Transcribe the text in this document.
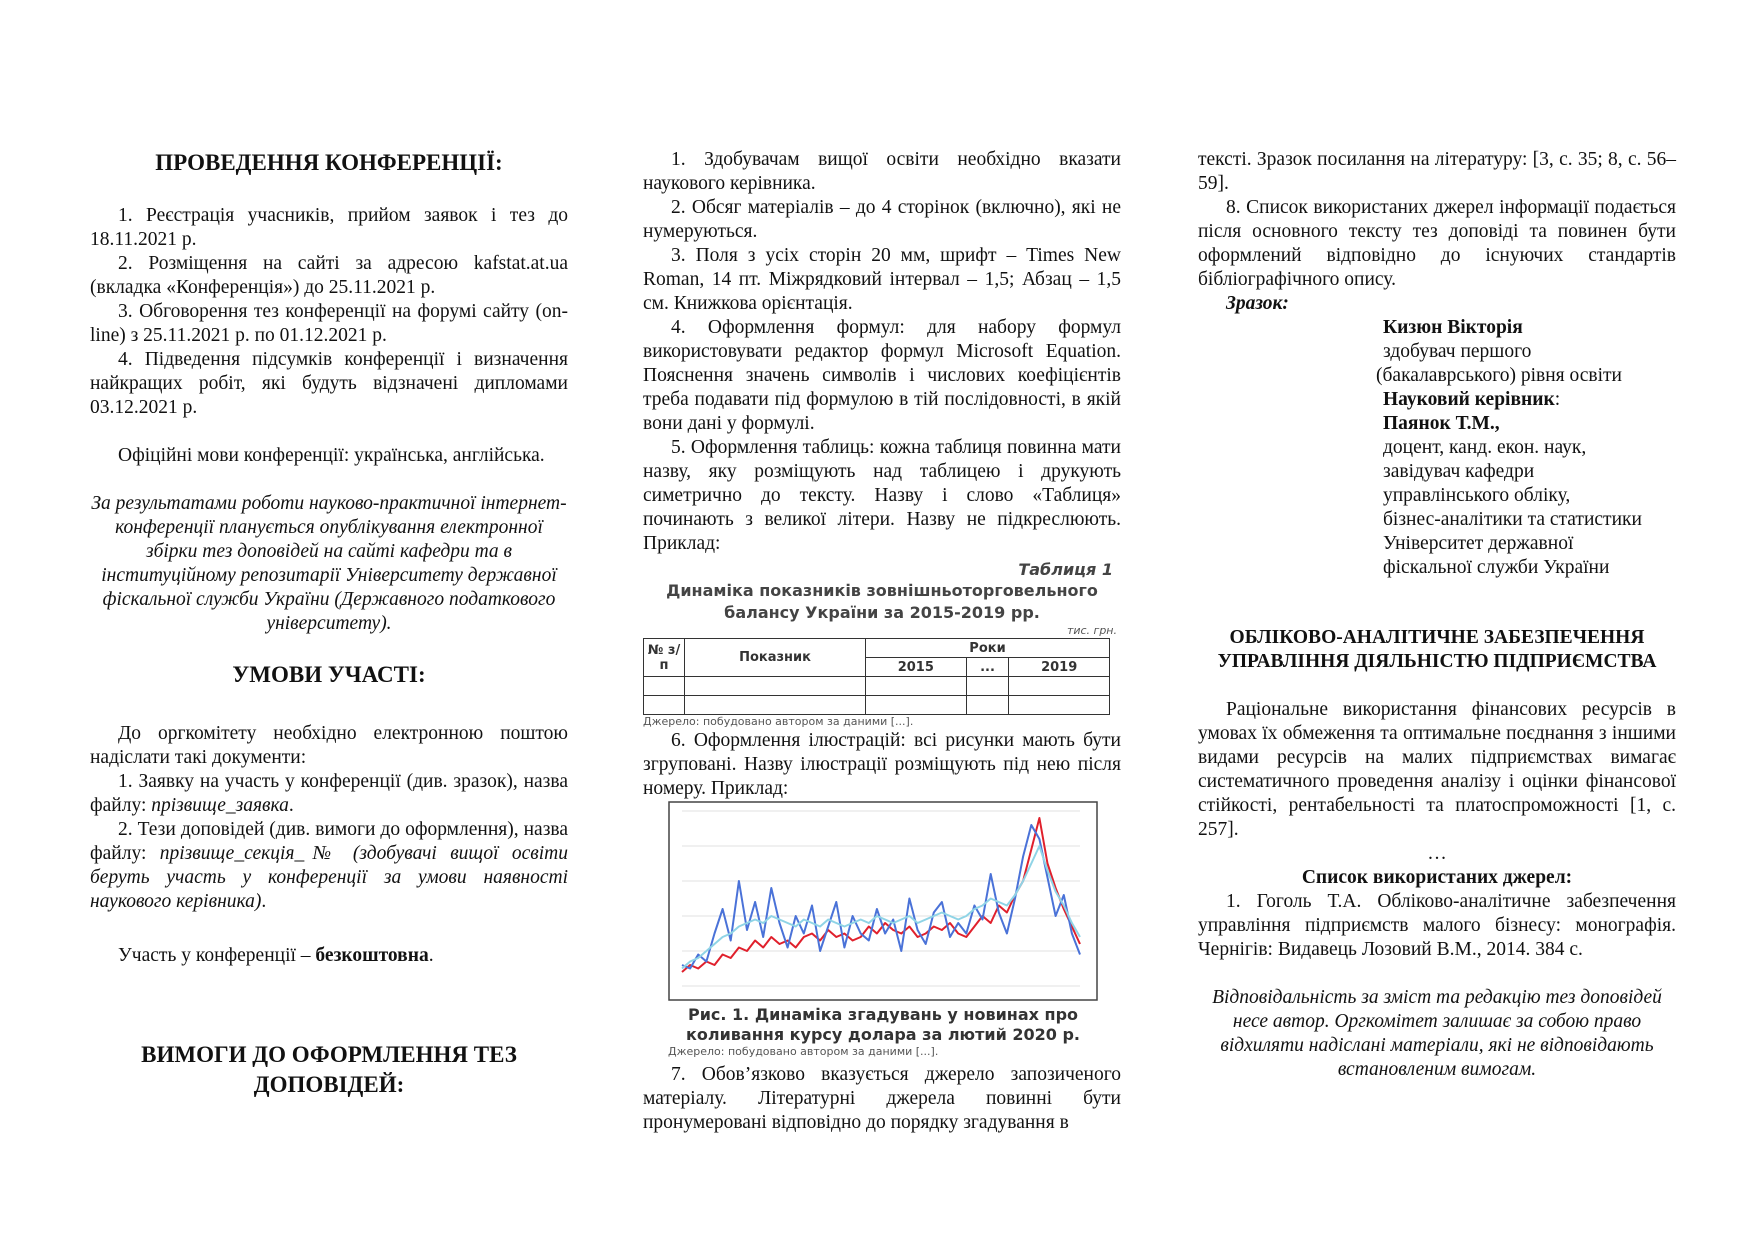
ПРОВЕДЕННЯ КОНФЕРЕНЦІЇ:

1. Реєстрація учасників, прийом заявок і тез до 18.11.2021 р.

2. Розміщення на сайті за адресою kafstat.at.ua (вкладка «Конференція») до 25.11.2021 р.

3. Обговорення тез конференції на форумі сайту (on-line) з 25.11.2021 р. по 01.12.2021 р.

4. Підведення підсумків конференції і визначення найкращих робіт, які будуть відзначені дипломами 03.12.2021 р.

Офіційні мови конференції: українська, англійська.

За результатами роботи науково-практичної інтернет-конференції планується опублікування електронної збірки тез доповідей на сайті кафедри та в інституційному репозитарії Університету державної фіскальної служби України (Державного податкового університету).

УМОВИ УЧАСТІ:

До оргкомітету необхідно електронною поштою надіслати такі документи:

1. Заявку на участь у конференції (див. зразок), назва файлу: прізвище_заявка.

2. Тези доповідей (див. вимоги до оформлення), назва файлу: прізвище_секція_№ (здобувачі вищої освіти беруть участь у конференції за умови наявності наукового керівника).

Участь у конференції – безкоштовна.

ВИМОГИ ДО ОФОРМЛЕННЯ ТЕЗ ДОПОВІДЕЙ:

1. Здобувачам вищої освіти необхідно вказати наукового керівника.

2. Обсяг матеріалів – до 4 сторінок (включно), які не нумеруються.

3. Поля з усіх сторін 20 мм, шрифт – Times New Roman, 14 пт. Міжрядковий інтервал – 1,5; Абзац – 1,5 см. Книжкова орієнтація.

4. Оформлення формул: для набору формул використовувати редактор формул Microsoft Equation. Пояснення значень символів і числових коефіцієнтів треба подавати під формулою в тій послідовності, в якій вони дані у формулі.

5. Оформлення таблиць: кожна таблиця повинна мати назву, яку розміщують над таблицею і друкують симетрично до тексту. Назву і слово «Таблиця» починають з великої літери. Назву не підкреслюють. Приклад:

Таблиця 1
Динаміка показників зовнішньоторговельного балансу України за 2015-2019 рр.
тис. грн.
№ з/п	Показник	Роки		
		2015	...	2019

Джерело: побудовано автором за даними [...].

6. Оформлення ілюстрацій: всі рисунки мають бути згруповані. Назву ілюстрації розміщують під нею після номеру. Приклад:

Рис. 1. Динаміка згадувань у новинах про коливання курсу долара за лютий 2020 р.
Джерело: побудовано автором за даними [...].

7. Обов’язково вказується джерело запозиченого матеріалу. Літературні джерела повинні бути пронумеровані відповідно до порядку згадування в

тексті. Зразок посилання на літературу: [3, с. 35; 8, с. 56–59].

8. Список використаних джерел інформації подається після основного тексту тез доповіді та повинен бути оформлений відповідно до існуючих стандартів бібліографічного опису.

Зразок:

Кизюн Вікторія
здобувач першого
(бакалаврського) рівня освіти
Науковий керівник:
Паянок Т.М.,
доцент, канд. екон. наук,
завідувач кафедри
управлінського обліку,
бізнес-аналітики та статистики
Університет державної
фіскальної служби України

ОБЛІКОВО-АНАЛІТИЧНЕ ЗАБЕЗПЕЧЕННЯ УПРАВЛІННЯ ДІЯЛЬНІСТЮ ПІДПРИЄМСТВА

Раціональне використання фінансових ресурсів в умовах їх обмеження та оптимальне поєднання з іншими видами ресурсів на малих підприємствах вимагає систематичного проведення аналізу і оцінки фінансової стійкості, рентабельності та платоспроможності [1, с. 257].

…

Список використаних джерел:

1. Гоголь Т.А. Обліково-аналітичне забезпечення управління підприємств малого бізнесу: монографія. Чернігів: Видавець Лозовий В.М., 2014. 384 с.

Відповідальність за зміст та редакцію тез доповідей несе автор. Оргкомітет залишає за собою право відхиляти надіслані матеріали, які не відповідають встановленим вимогам.
